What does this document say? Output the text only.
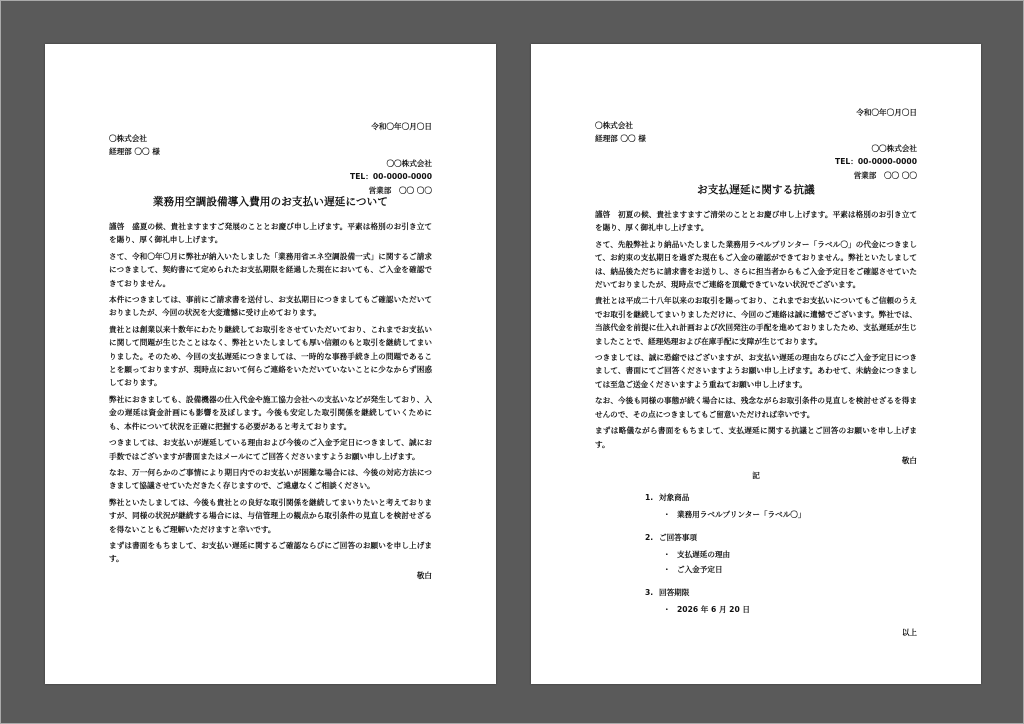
令和〇年〇月〇日
〇株式会社
経理部 〇〇 様
〇〇株式会社
TEL：00-0000-0000
営業部　〇〇 〇〇
業務用空調設備導入費用のお支払い遅延について

謹啓　盛夏の候、貴社ますますご発展のこととお慶び申し上げます。平素は格別のお引き立てを賜り、厚く御礼申し上げます。

さて、令和〇年〇月に弊社が納入いたしました「業務用省エネ空調設備一式」に関するご請求につきまして、契約書にて定められたお支払期限を経過した現在においても、ご入金を確認できておりません。

本件につきましては、事前にご請求書を送付し、お支払期日につきましてもご確認いただいておりましたが、今回の状況を大変遺憾に受け止めております。

貴社とは創業以来十数年にわたり継続してお取引をさせていただいており、これまでお支払いに関して問題が生じたことはなく、弊社といたしましても厚い信頼のもと取引を継続してまいりました。そのため、今回の支払遅延につきましては、一時的な事務手続き上の問題であることを願っておりますが、現時点において何らご連絡をいただいていないことに少なからず困惑しております。

弊社におきましても、設備機器の仕入代金や施工協力会社への支払いなどが発生しており、入金の遅延は資金計画にも影響を及ぼします。今後も安定した取引関係を継続していくためにも、本件について状況を正確に把握する必要があると考えております。

つきましては、お支払いが遅延している理由および今後のご入金予定日につきまして、誠にお手数ではございますが書面またはメールにてご回答くださいますようお願い申し上げます。

なお、万一何らかのご事情により期日内でのお支払いが困難な場合には、今後の対応方法につきまして協議させていただきたく存じますので、ご遠慮なくご相談ください。

弊社といたしましては、今後も貴社との良好な取引関係を継続してまいりたいと考えておりますが、同様の状況が継続する場合には、与信管理上の観点から取引条件の見直しを検討せざるを得ないこともご理解いただけますと幸いです。

まずは書面をもちまして、お支払い遅延に関するご確認ならびにご回答のお願いを申し上げます。

敬白
令和〇年〇月〇日
〇株式会社
経理部 〇〇 様
〇〇株式会社
TEL：00-0000-0000
営業部　〇〇 〇〇
お支払遅延に関する抗議

謹啓　初夏の候、貴社ますますご清栄のこととお慶び申し上げます。平素は格別のお引き立てを賜り、厚く御礼申し上げます。

さて、先般弊社より納品いたしました業務用ラベルプリンター「ラベル〇」の代金につきまして、お約束の支払期日を過ぎた現在もご入金の確認ができておりません。弊社といたしましては、納品後ただちに請求書をお送りし、さらに担当者からもご入金予定日をご確認させていただいておりましたが、現時点でご連絡を頂戴できていない状況でございます。

貴社とは平成二十八年以来のお取引を賜っており、これまでお支払いについてもご信頼のうえでお取引を継続してまいりましただけに、今回のご連絡は誠に遺憾でございます。弊社では、当該代金を前提に仕入れ計画および次回発注の手配を進めておりましたため、支払遅延が生じましたことで、経理処理および在庫手配に支障が生じております。

つきましては、誠に恐縮ではございますが、お支払い遅延の理由ならびにご入金予定日につきまして、書面にてご回答くださいますようお願い申し上げます。あわせて、未納金につきましては至急ご送金くださいますよう重ねてお願い申し上げます。

なお、今後も同様の事態が続く場合には、残念ながらお取引条件の見直しを検討せざるを得ませんので、その点につきましてもご留意いただければ幸いです。

まずは略儀ながら書面をもちまして、支払遅延に関する抗議とご回答のお願いを申し上げます。

敬白
記
1. 対象商品
・ 業務用ラベルプリンター「ラベル〇」
2. ご回答事項
・ 支払遅延の理由
・ ご入金予定日
3. 回答期限
・ 2026 年 6 月 20 日
以上
